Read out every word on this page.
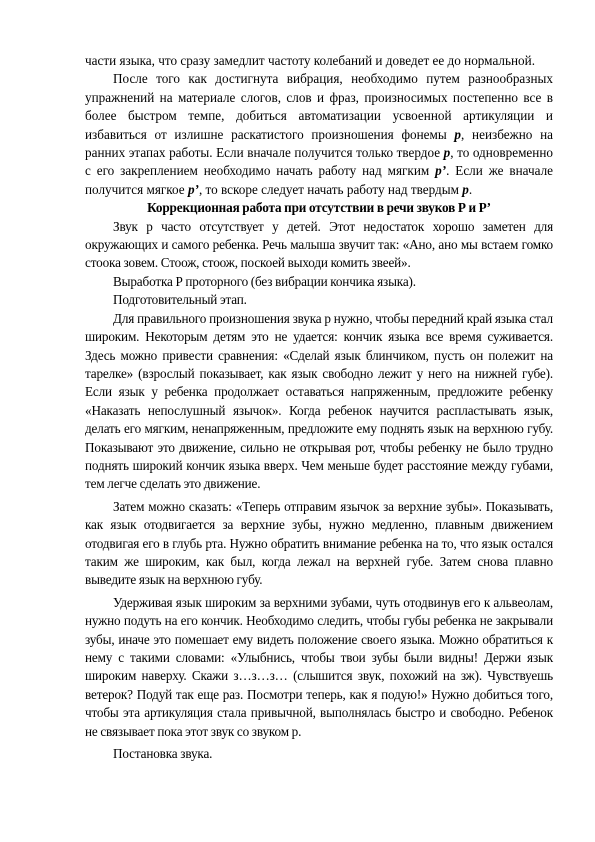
части языка, что сразу замедлит частоту колебаний и доведет ее до нормальной.

После того как достигнута вибрация, необходимо путем разнообразных упражнений на материале слогов, слов и фраз, произносимых постепенно все в более быстром темпе, добиться автоматизации усвоенной артикуляции и избавиться от излишне раскатистого произношения фонемы р, неизбежно на ранних этапах работы. Если вначале получится только твердое р, то одновременно с его закреплением необходимо начать работу над мягким р’. Если же вначале получится мягкое р’, то вскоре следует начать работу над твердым р.

Коррекционная работа при отсутствии в речи звуков Р и Р’

Звук р часто отсутствует у детей. Этот недостаток хорошо заметен для окружающих и самого ребенка. Речь малыша звучит так: «Ано, ано мы встаем гомко стоока зовем. Стоож, стоож, поскоей выходи комить звеей».

Выработка Р проторного (без вибрации кончика языка).

Подготовительный этап.

Для правильного произношения звука р нужно, чтобы передний край языка стал широким. Некоторым детям это не удается: кончик языка все время суживается. Здесь можно привести сравнения: «Сделай язык блинчиком, пусть он полежит на тарелке» (взрослый показывает, как язык свободно лежит у него на нижней губе). Если язык у ребенка продолжает оставаться напряженным, предложите ребенку «Наказать непослушный язычок». Когда ребенок научится распластывать язык, делать его мягким, ненапряженным, предложите ему поднять язык на верхнюю губу. Показывают это движение, сильно не открывая рот, чтобы ребенку не было трудно поднять широкий кончик языка вверх. Чем меньше будет расстояние между губами, тем легче сделать это движение.

Затем можно сказать: «Теперь отправим язычок за верхние зубы». Показывать, как язык отодвигается за верхние зубы, нужно медленно, плавным движением отодвигая его в глубь рта. Нужно обратить внимание ребенка на то, что язык остался таким же широким, как был, когда лежал на верхней губе. Затем снова плавно выведите язык на верхнюю губу.

Удерживая язык широким за верхними зубами, чуть отодвинув его к альвеолам, нужно подуть на его кончик. Необходимо следить, чтобы губы ребенка не закрывали зубы, иначе это помешает ему видеть положение своего языка. Можно обратиться к нему с такими словами: «Улыбнись, чтобы твои зубы были видны! Держи язык широким наверху. Скажи з…з…з… (слышится звук, похожий на зж). Чувствуешь ветерок? Подуй так еще раз. Посмотри теперь, как я подую!» Нужно добиться того, чтобы эта артикуляция стала привычной, выполнялась быстро и свободно. Ребенок не связывает пока этот звук со звуком р.

Постановка звука.
